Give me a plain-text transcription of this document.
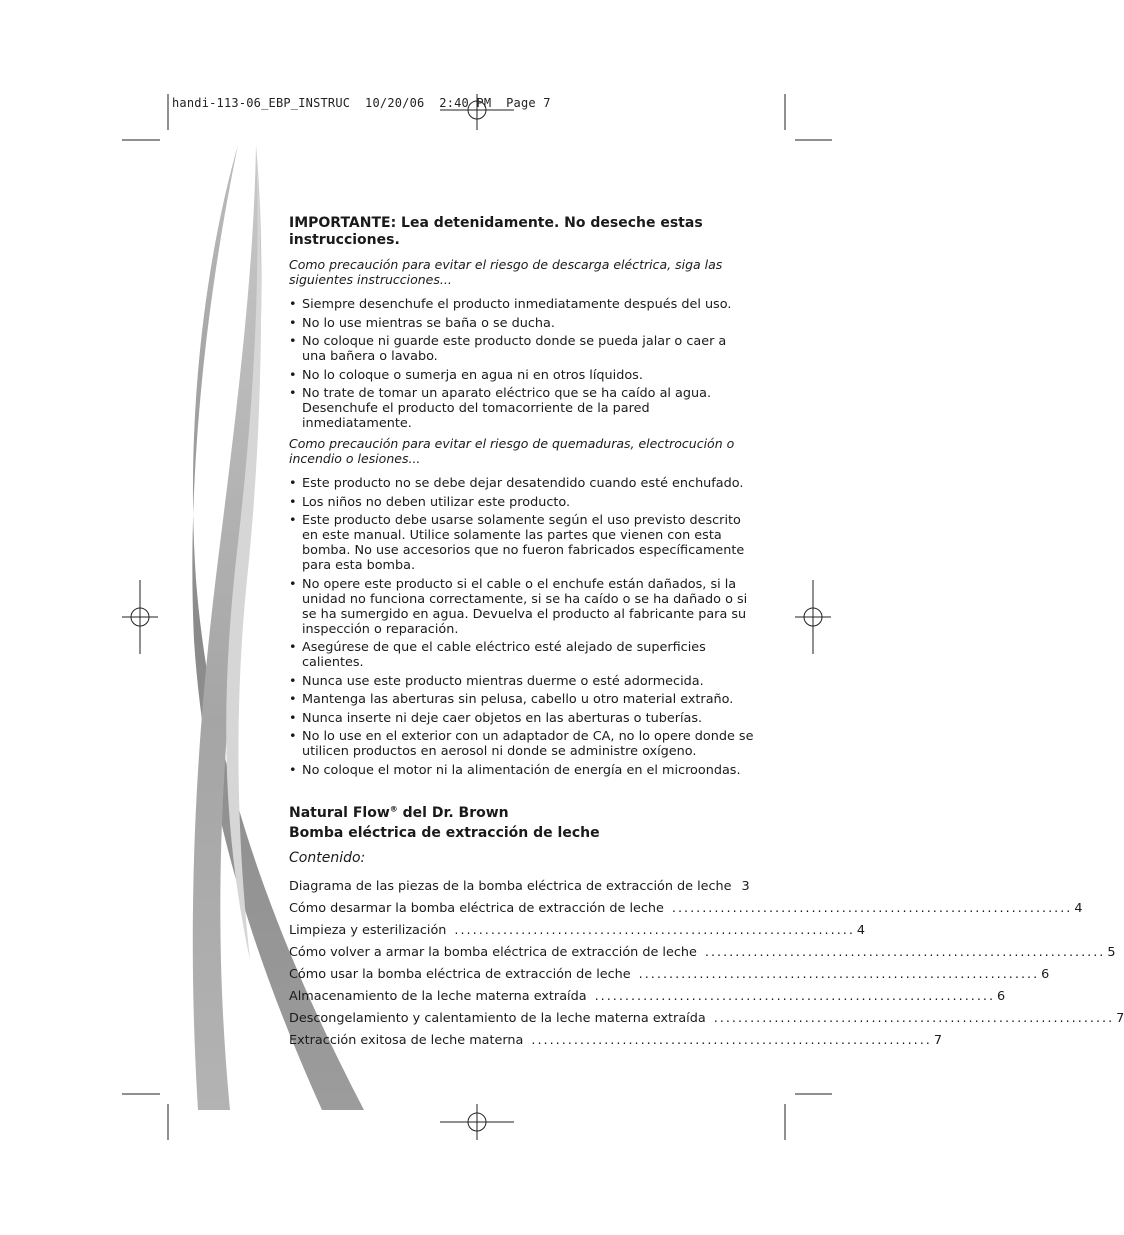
handi-113-06_EBP_INSTRUC  10/20/06  2:40 PM  Page 7

IMPORTANTE: Lea detenidamente. No deseche estas instrucciones.

Como precaución para evitar el riesgo de descarga eléctrica, siga las siguientes instrucciones...

• Siempre desenchufe el producto inmediatamente después del uso.
• No lo use mientras se baña o se ducha.
• No coloque ni guarde este producto donde se pueda jalar o caer a una bañera o lavabo.
• No lo coloque o sumerja en agua ni en otros líquidos.
• No trate de tomar un aparato eléctrico que se ha caído al agua. Desenchufe el producto del tomacorriente de la pared inmediatamente.

Como precaución para evitar el riesgo de quemaduras, electrocución o incendio o lesiones...

• Este producto no se debe dejar desatendido cuando esté enchufado.
• Los niños no deben utilizar este producto.
• Este producto debe usarse solamente según el uso previsto descrito en este manual. Utilice solamente las partes que vienen con esta bomba. No use accesorios que no fueron fabricados específicamente para esta bomba.
• No opere este producto si el cable o el enchufe están dañados, si la unidad no funciona correctamente, si se ha caído o se ha dañado o si se ha sumergido en agua. Devuelva el producto al fabricante para su inspección o reparación.
• Asegúrese de que el cable eléctrico esté alejado de superficies calientes.
• Nunca use este producto mientras duerme o esté adormecida.
• Mantenga las aberturas sin pelusa, cabello u otro material extraño.
• Nunca inserte ni deje caer objetos en las aberturas o tuberías.
• No lo use en el exterior con un adaptador de CA, no lo opere donde se utilicen productos en aerosol ni donde se administre oxígeno.
• No coloque el motor ni la alimentación de energía en el microondas.

Natural Flow® del Dr. Brown

Bomba eléctrica de extracción de leche

Contenido:

Diagrama de las piezas de la bomba eléctrica de extracción de leche 3
Cómo desarmar la bomba eléctrica de extracción de leche .................................................................. 4
Limpieza y esterilización .................................................................. 4
Cómo volver a armar la bomba eléctrica de extracción de leche .................................................................. 5
Cómo usar la bomba eléctrica de extracción de leche .................................................................. 6
Almacenamiento de la leche materna extraída .................................................................. 6
Descongelamiento y calentamiento de la leche materna extraída .................................................................. 7
Extracción exitosa de leche materna .................................................................. 7
